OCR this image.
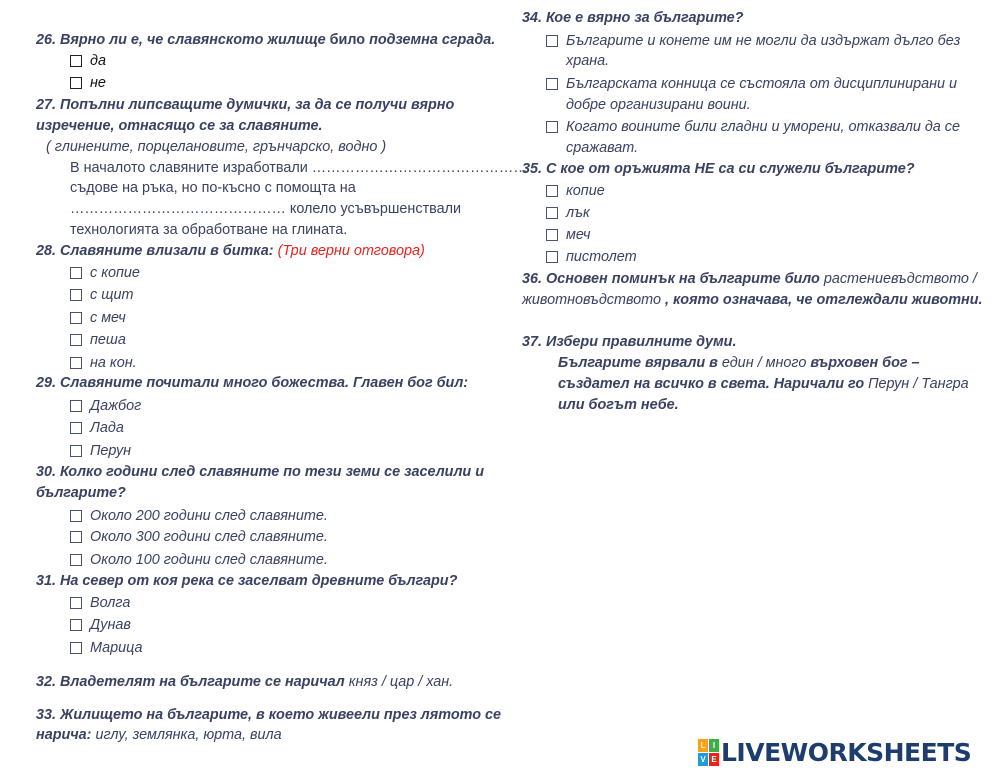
26. Вярно ли е, че славянското жилище било подземна сграда.
да
не
27. Попълни липсващите думички, за да се получи вярно
изречение, отнасящо се за славяните.
( глинените, порцелановите, грънчарско, водно )
В началото славяните изработвали ………………………………………
съдове на ръка, но по-късно с помощта на
……………………………………… колело усъвършенствали
технологията за обработване на глината.
28. Славяните влизали в битка: (Три верни отговора)
с копие
с щит
с меч
пеша
на кон.
29. Славяните почитали много божества. Главен бог бил:
Дажбог
Лада
Перун
30. Колко години след славяните по тези земи се заселили и
българите?
Около 200 години след славяните.
Около 300 години след славяните.
Около 100 години след славяните.
31. На север от коя река се заселват древните българи?
Волга
Дунав
Марица
32. Владетелят на българите се наричал княз / цар / хан.
33. Жилището на българите, в което живеели през лятото се
нарича: иглу, землянка, юрта, вила
34. Кое е вярно за българите?
Българите и конете им не могли да издържат дълго без
храна.
Българската конница се състояла от дисциплинирани и
добре организирани воини.
Когато воините били гладни и уморени, отказвали да се
сражават.
35. С кое от оръжията НЕ са си служели българите?
копие
лък
меч
пистолет
36. Основен поминък на българите било растениевъдството /
животновъдството , която означава, че отглеждали животни.
37. Избери правилните думи.
Българите вярвали в един / много върховен бог –
създател на всичко в света. Наричали го Перун / Тангра
или богът небе.
L I
V E LIVEWORKSHEETS
